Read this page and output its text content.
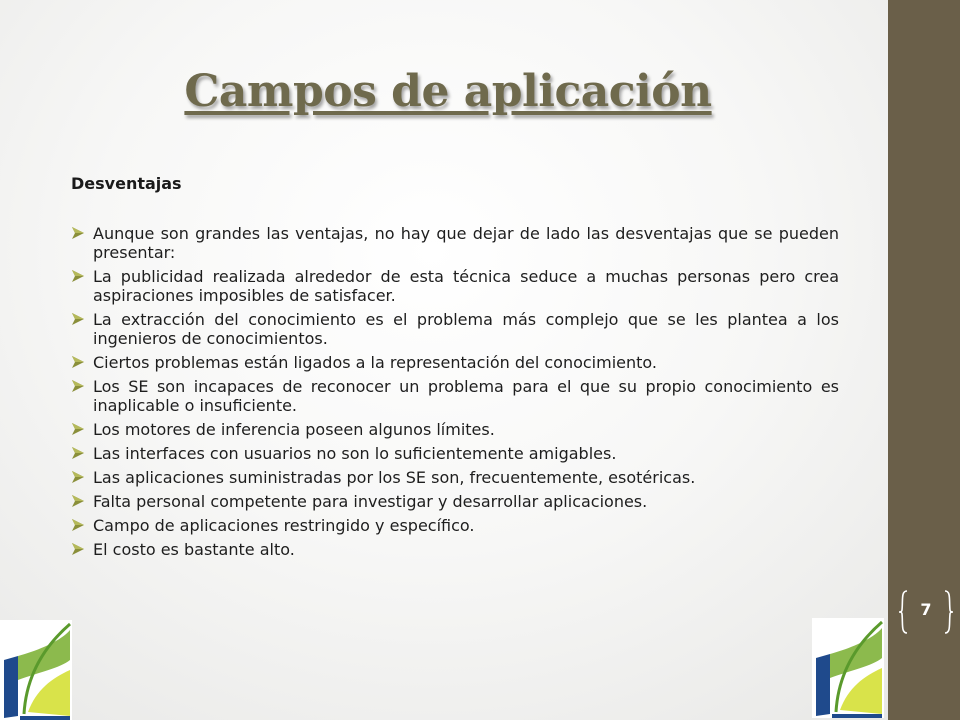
Campos de aplicación
Desventajas
Aunque son grandes las ventajas, no hay que dejar de lado las desventajas que se pueden presentar:
La publicidad realizada alrededor de esta técnica seduce a muchas personas pero crea aspiraciones imposibles de satisfacer.
La extracción del conocimiento es el problema más complejo que se les plantea a los ingenieros de conocimientos.
Ciertos problemas están ligados a la representación del conocimiento.
Los SE son incapaces de reconocer un problema para el que su propio conocimiento es inaplicable o insuficiente.
Los motores de inferencia poseen algunos límites.
Las interfaces con usuarios no son lo suficientemente amigables.
Las aplicaciones suministradas por los SE son, frecuentemente, esotéricas.
Falta personal competente para investigar y desarrollar aplicaciones.
Campo de aplicaciones restringido y específico.
El costo es bastante alto.
7
